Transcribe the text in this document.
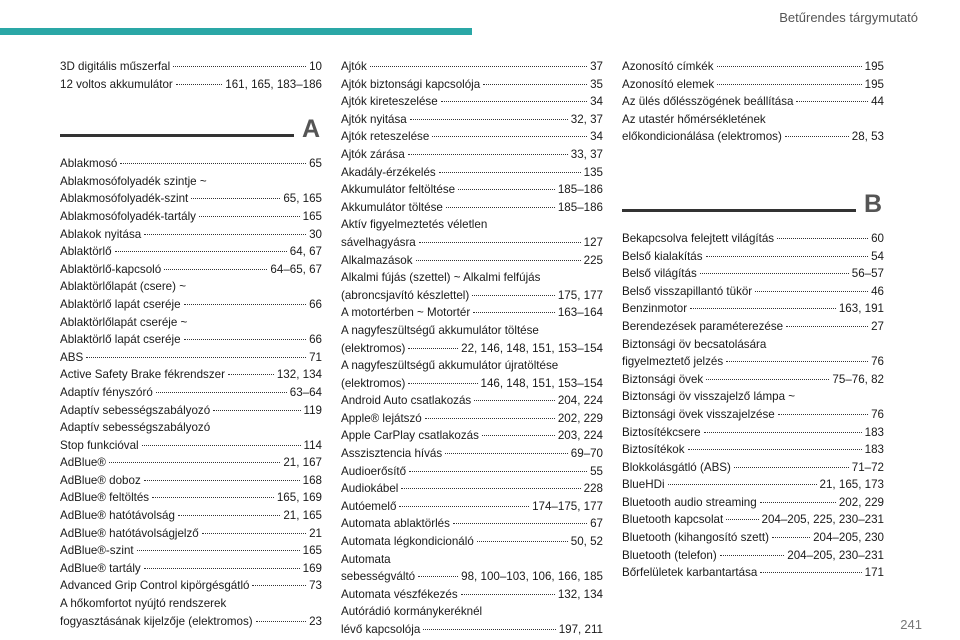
Betűrendes tárgymutató
3D digitális műszerfal	10
12 voltos akkumulátor	161, 165, 183–186
A
Ablakmosó	65
Ablakmosófolyadék szintje ~
Ablakmosófolyadék-szint	65, 165
Ablakmosófolyadék-tartály	165
Ablakok nyitása	30
Ablaktörlő	64, 67
Ablaktörlő-kapcsoló	64–65, 67
Ablaktörlőlapát (csere) ~
Ablaktörlő lapát cseréje	66
Ablaktörlőlapát cseréje ~
Ablaktörlő lapát cseréje	66
ABS	71
Active Safety Brake fékrendszer	132, 134
Adaptív fényszóró	63–64
Adaptív sebességszabályozó	119
Adaptív sebességszabályozó
Stop funkcióval	114
AdBlue®	21, 167
AdBlue® doboz	168
AdBlue® feltöltés	165, 169
AdBlue® hatótávolság	21, 165
AdBlue® hatótávolságjelző	21
AdBlue®-szint	165
AdBlue® tartály	169
Advanced Grip Control kipörgésgátló	73
A hőkomfortot nyújtó rendszerek
fogyasztásának kijelzője (elektromos)	23
Ajtók	37
Ajtók biztonsági kapcsolója	35
Ajtók kireteszelése	34
Ajtók nyitása	32, 37
Ajtók reteszelése	34
Ajtók zárása	33, 37
Akadály-érzékelés	135
Akkumulátor feltöltése	185–186
Akkumulátor töltése	185–186
Aktív figyelmeztetés véletlen
sávelhagyásra	127
Alkalmazások	225
Alkalmi fújás (szettel) ~ Alkalmi felfújás
(abroncsjavító készlettel)	175, 177
A motortérben ~ Motortér	163–164
A nagyfeszültségű akkumulátor töltése
(elektromos)	22, 146, 148, 151, 153–154
A nagyfeszültségű akkumulátor újratöltése
(elektromos)	146, 148, 151, 153–154
Android Auto csatlakozás	204, 224
Apple® lejátszó	202, 229
Apple CarPlay csatlakozás	203, 224
Asszisztencia hívás	69–70
Audioerősítő	55
Audiokábel	228
Autóemelő	174–175, 177
Automata ablaktörlés	67
Automata légkondicionáló	50, 52
Automata
sebességváltó	98, 100–103, 106, 166, 185
Automata vészfékezés	132, 134
Autórádió kormánykeréknél
lévő kapcsolója	197, 211
Azonosító címkék	195
Azonosító elemek	195
Az ülés dőlésszögének beállítása	44
Az utastér hőmérsékletének
előkondicionálása (elektromos)	28, 53
B
Bekapcsolva felejtett világítás	60
Belső kialakítás	54
Belső világítás	56–57
Belső visszapillantó tükör	46
Benzinmotor	163, 191
Berendezések paraméterezése	27
Biztonsági öv becsatolására
figyelmeztető jelzés	76
Biztonsági övek	75–76, 82
Biztonsági öv visszajelző lámpa ~
Biztonsági övek visszajelzése	76
Biztosítékcsere	183
Biztosítékok	183
Blokkolásgátló (ABS)	71–72
BlueHDi	21, 165, 173
Bluetooth audio streaming	202, 229
Bluetooth kapcsolat	204–205, 225, 230–231
Bluetooth (kihangosító szett)	204–205, 230
Bluetooth (telefon)	204–205, 230–231
Bőrfelületek karbantartása	171
241
